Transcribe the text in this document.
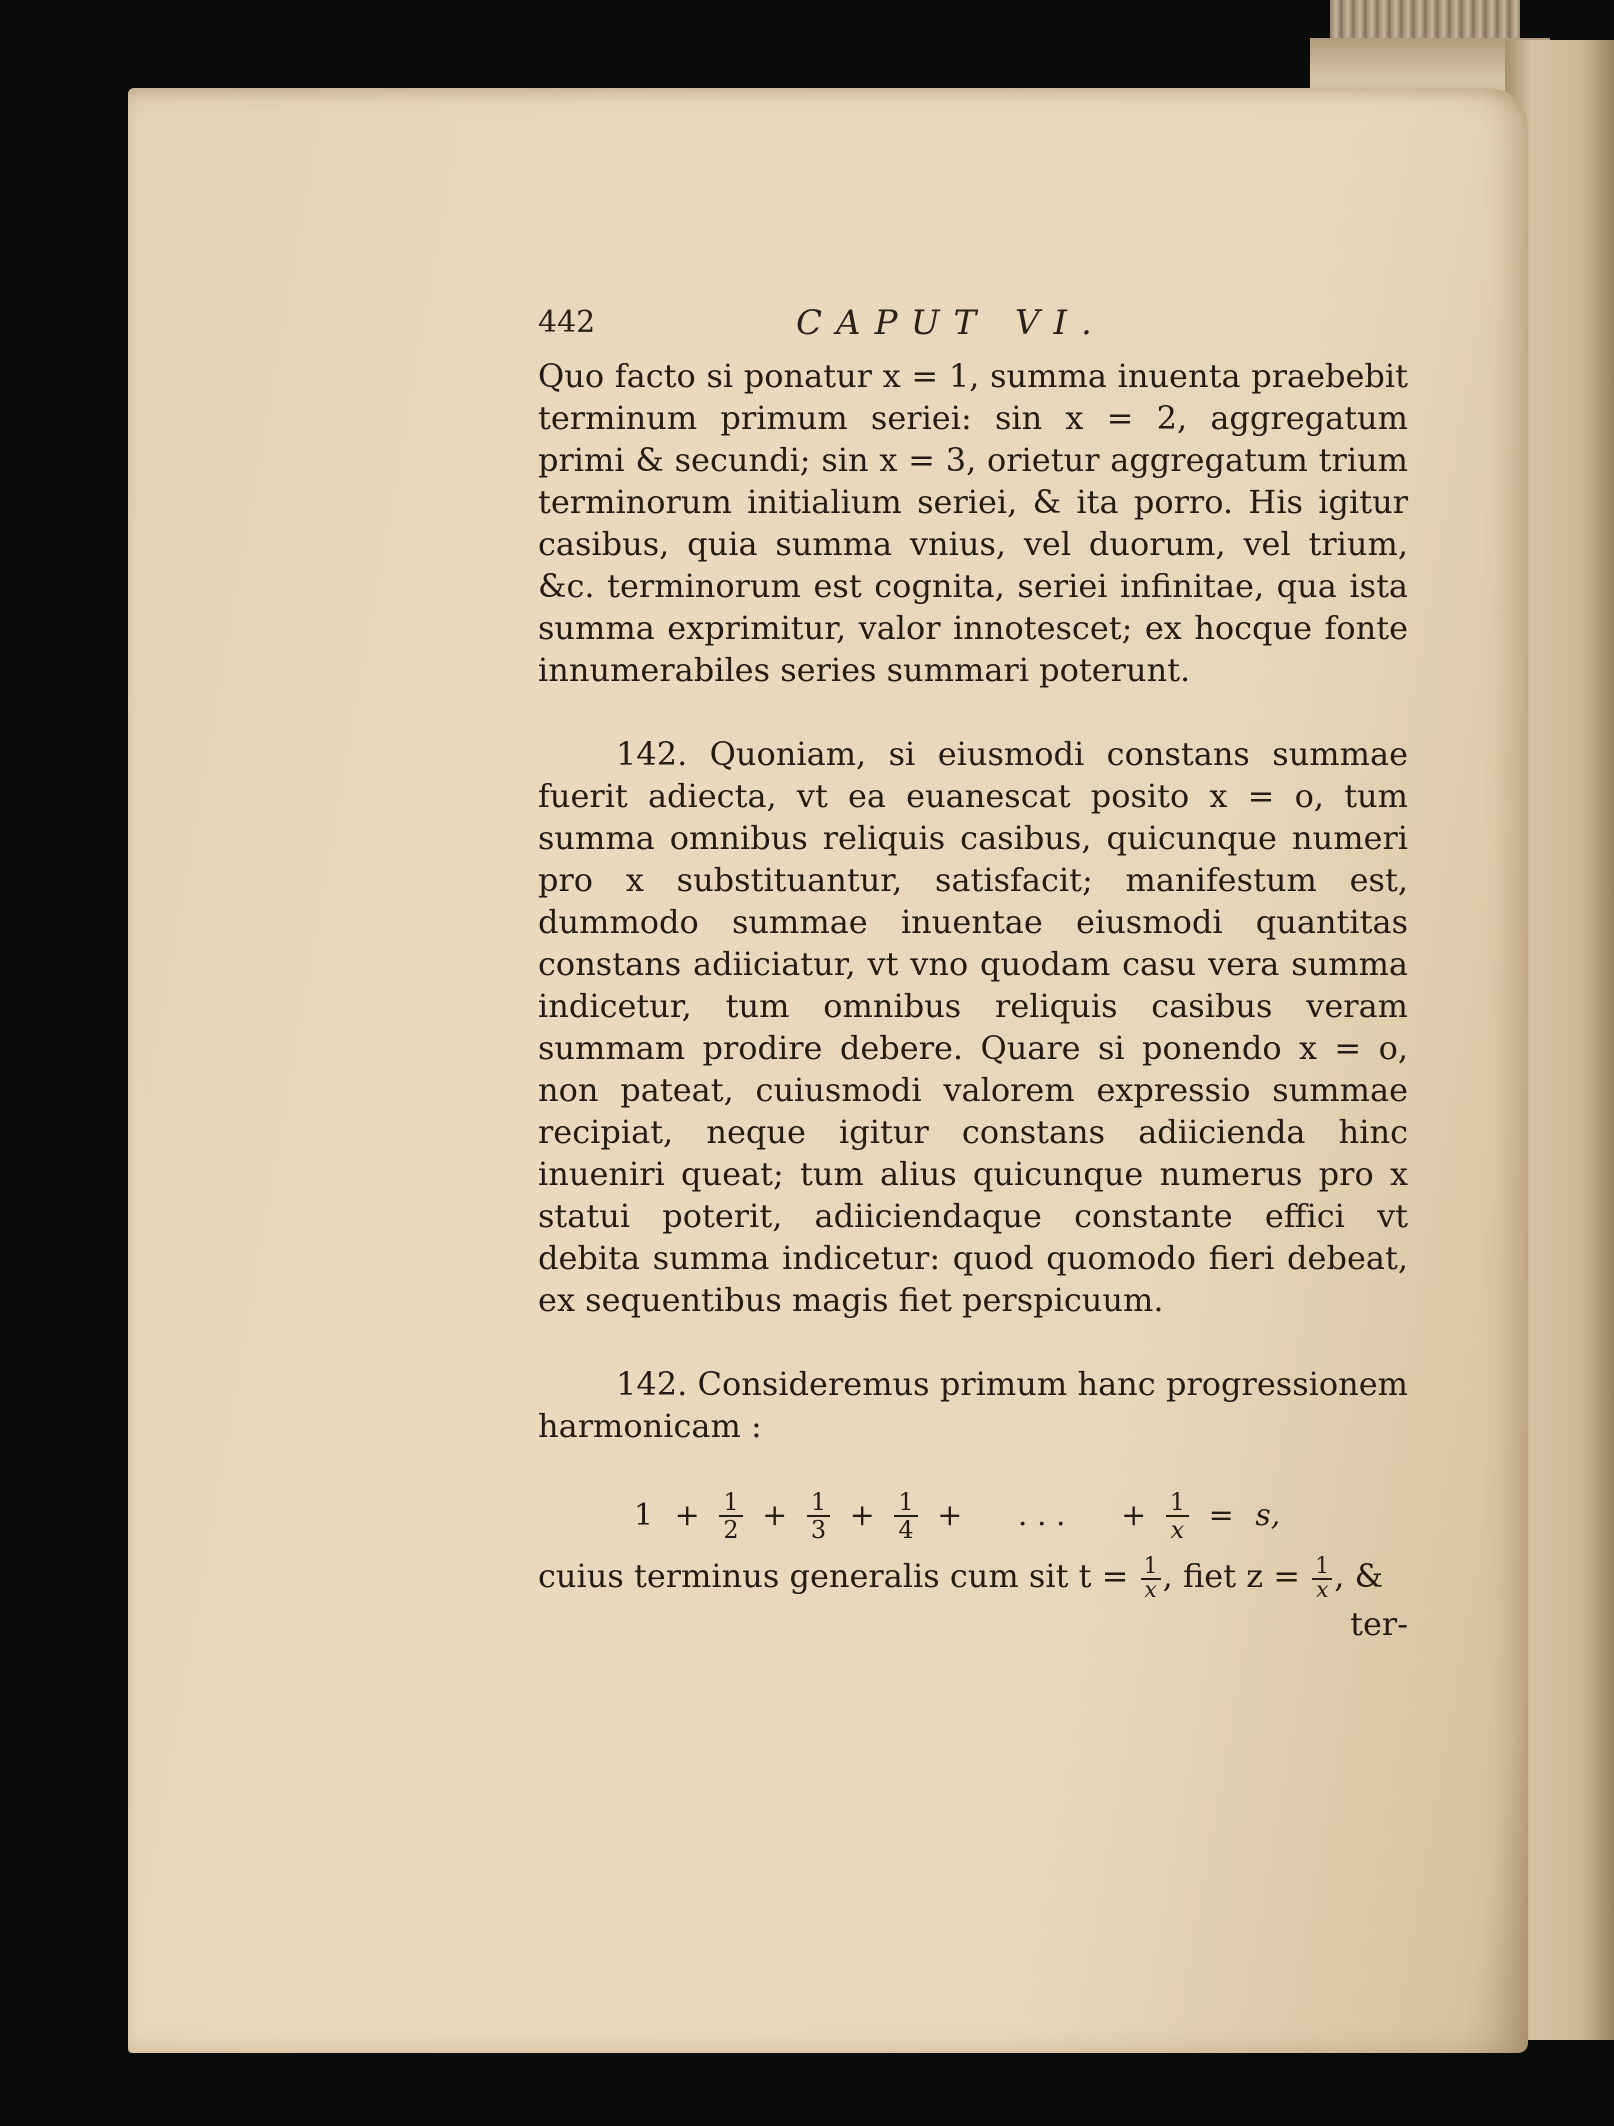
442	CAPUT VI.

Quo facto si ponatur x = 1, summa inuenta praebebit terminum primum seriei: sin x = 2, aggregatum primi & secundi; sin x = 3, orietur aggregatum trium terminorum initialium seriei, & ita porro. His igitur casibus, quia summa vnius, vel duorum, vel trium, &c. terminorum est cognita, seriei infinitae, qua ista summa exprimitur, valor innotescet; ex hocque fonte innumerabiles series summari poterunt.

142. Quoniam, si eiusmodi constans summae fuerit adiecta, vt ea euanescat posito x = o, tum summa omnibus reliquis casibus, quicunque numeri pro x substituantur, satisfacit; manifestum est, dummodo summae inuentae eiusmodi quantitas constans adiiciatur, vt vno quodam casu vera summa indicetur, tum omnibus reliquis casibus veram summam prodire debere. Quare si ponendo x = o, non pateat, cuiusmodi valorem expressio summae recipiat, neque igitur constans adiicienda hinc inueniri queat; tum alius quicunque numerus pro x statui poterit, adiiciendaque constante effici vt debita summa indicetur: quod quomodo fieri debeat, ex sequentibus magis fiet perspicuum.

142. Consideremus primum hanc progressionem harmonicam :

$1 + \frac{1}{2} + \frac{1}{3} + \frac{1}{4}$ + . . . + $\frac{1}{x} = s$,
cuius terminus generalis cum sit $t = \frac{1}{x}$ , fiet $z = \frac{1}{x}$ , &
ter-
